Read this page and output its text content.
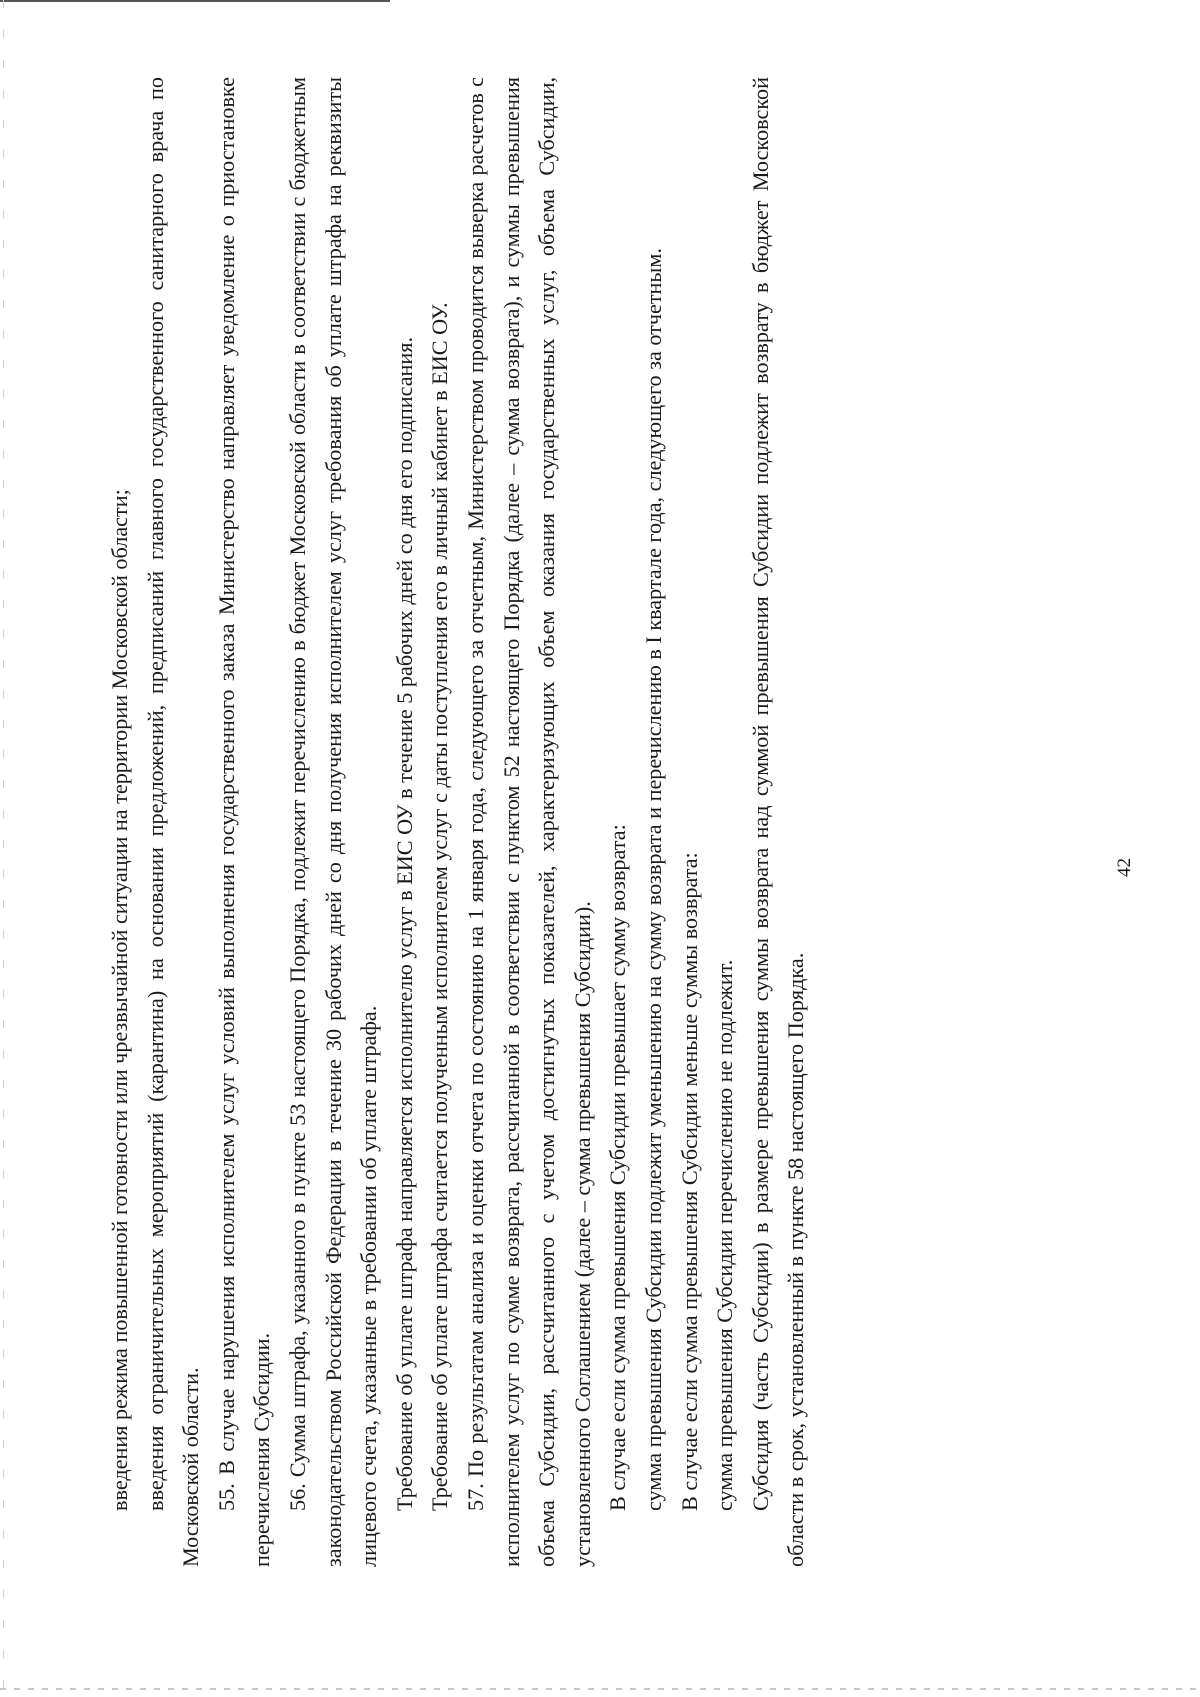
42

введения режима повышенной готовности или чрезвычайной ситуации на территории Московской области; введения ограничительных мероприятий (карантина) на основании предложений, предписаний главного государственного санитарного врача по Московской области. 55. В случае нарушения исполнителем услуг условий выполнения государственного заказа Министерство направляет уведомление о приостановке перечисления Субсидии. 56. Сумма штрафа, указанного в пункте 53 настоящего Порядка, подлежит перечислению в бюджет Московской области в соответствии с бюджетным законодательством Российской Федерации в течение 30 рабочих дней со дня получения исполнителем услуг требования об уплате штрафа на реквизиты лицевого счета, указанные в требовании об уплате штрафа. Требование об уплате штрафа направляется исполнителю услуг в ЕИС ОУ в течение 5 рабочих дней со дня его подписания. Требование об уплате штрафа считается полученным исполнителем услуг с даты поступления его в личный кабинет в ЕИС ОУ. 57. По результатам анализа и оценки отчета по состоянию на 1 января года, следующего за отчетным, Министерством проводится выверка расчетов с исполнителем услуг по сумме возврата, рассчитанной в соответствии с пунктом 52 настоящего Порядка (далее – сумма возврата), и суммы превышения объема Субсидии, рассчитанного с учетом достигнутых показателей, характеризующих объем оказания государственных услуг, объема Субсидии, установленного Соглашением (далее – сумма превышения Субсидии). В случае если сумма превышения Субсидии превышает сумму возврата: сумма превышения Субсидии подлежит уменьшению на сумму возврата и перечислению в I квартале года, следующего за отчетным. В случае если сумма превышения Субсидии меньше суммы возврата: сумма превышения Субсидии перечислению не подлежит. Субсидия (часть Субсидии) в размере превышения суммы возврата над суммой превышения Субсидии подлежит возврату в бюджет Московской области в срок, установленный в пункте 58 настоящего Порядка.
